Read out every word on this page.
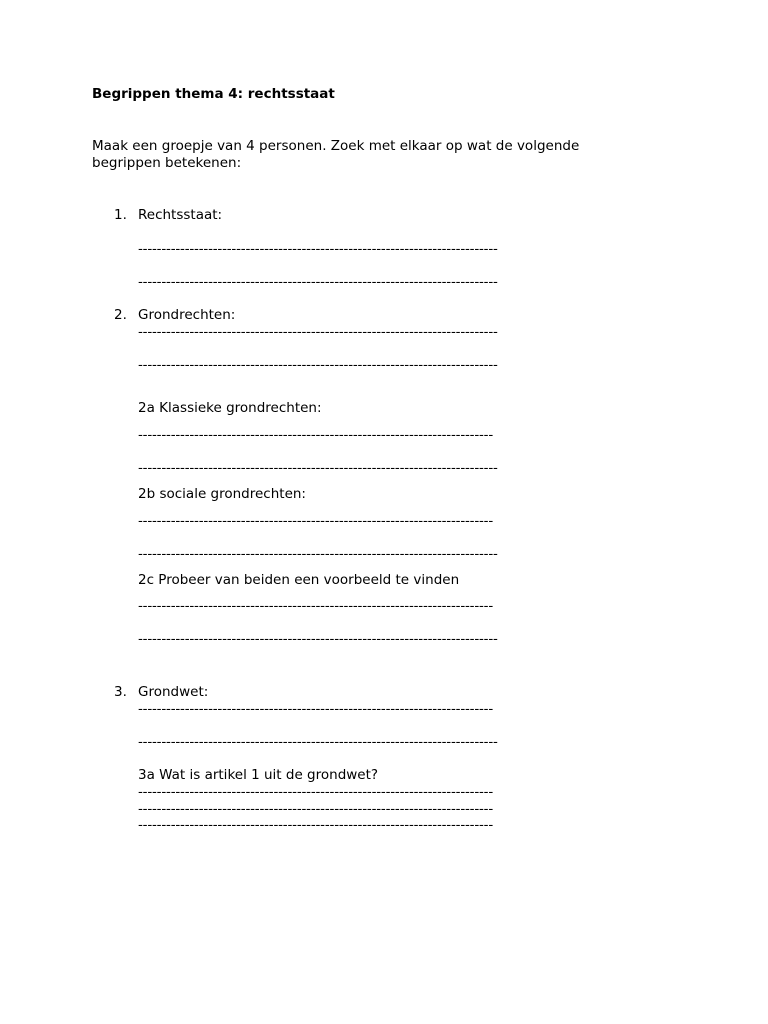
Begrippen thema 4: rechtsstaat
Maak een groepje van 4 personen. Zoek met elkaar op wat de volgende
begrippen betekenen:
1. Rechtsstaat:
-----------------------------------------------------------------------------
-----------------------------------------------------------------------------
2. Grondrechten:
-----------------------------------------------------------------------------
-----------------------------------------------------------------------------
2a Klassieke grondrechten:
----------------------------------------------------------------------------
-----------------------------------------------------------------------------
2b sociale grondrechten:
----------------------------------------------------------------------------
-----------------------------------------------------------------------------
2c Probeer van beiden een voorbeeld te vinden
----------------------------------------------------------------------------
-----------------------------------------------------------------------------
3. Grondwet:
----------------------------------------------------------------------------
-----------------------------------------------------------------------------
3a Wat is artikel 1 uit de grondwet?
----------------------------------------------------------------------------
----------------------------------------------------------------------------
----------------------------------------------------------------------------
